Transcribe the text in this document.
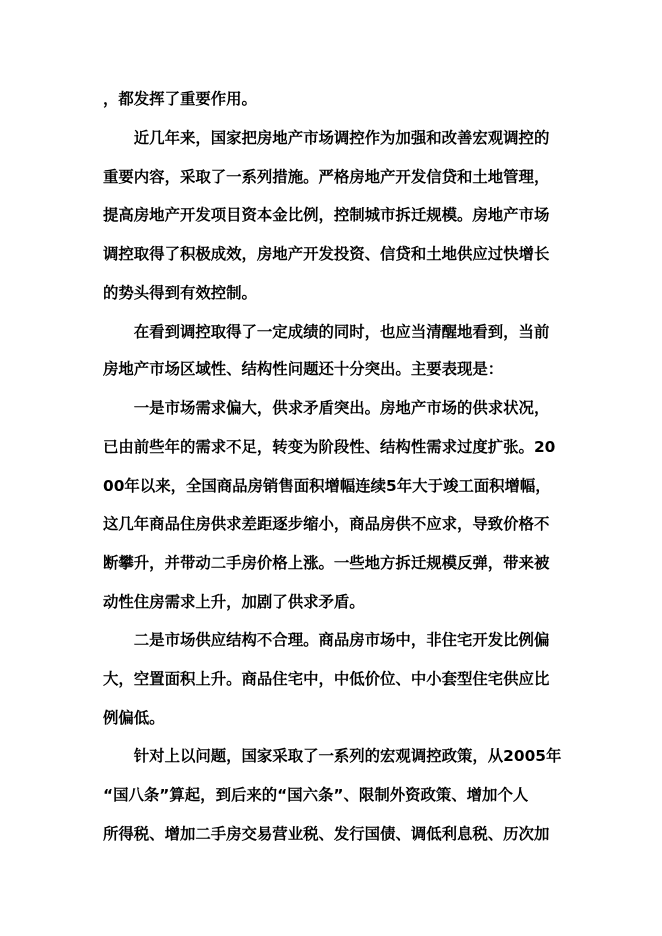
，都发挥了重要作用。
　　近几年来，国家把房地产市场调控作为加强和改善宏观调控的
重要内容，采取了一系列措施。严格房地产开发信贷和土地管理，
提高房地产开发项目资本金比例，控制城市拆迁规模。房地产市场
调控取得了积极成效，房地产开发投资、信贷和土地供应过快增长
的势头得到有效控制。
　　在看到调控取得了一定成绩的同时，也应当清醒地看到，当前
房地产市场区域性、结构性问题还十分突出。主要表现是：
　　一是市场需求偏大，供求矛盾突出。房地产市场的供求状况，
已由前些年的需求不足，转变为阶段性、结构性需求过度扩张。20
00年以来，全国商品房销售面积增幅连续5年大于竣工面积增幅，
这几年商品住房供求差距逐步缩小，商品房供不应求，导致价格不
断攀升，并带动二手房价格上涨。一些地方拆迁规模反弹，带来被
动性住房需求上升，加剧了供求矛盾。
　　二是市场供应结构不合理。商品房市场中，非住宅开发比例偏
大，空置面积上升。商品住宅中，中低价位、中小套型住宅供应比
例偏低。
　　针对上以问题，国家采取了一系列的宏观调控政策，从2005年
“国八条”算起，到后来的“国六条”、限制外资政策、增加个人
所得税、增加二手房交易营业税、发行国债、调低利息税、历次加
